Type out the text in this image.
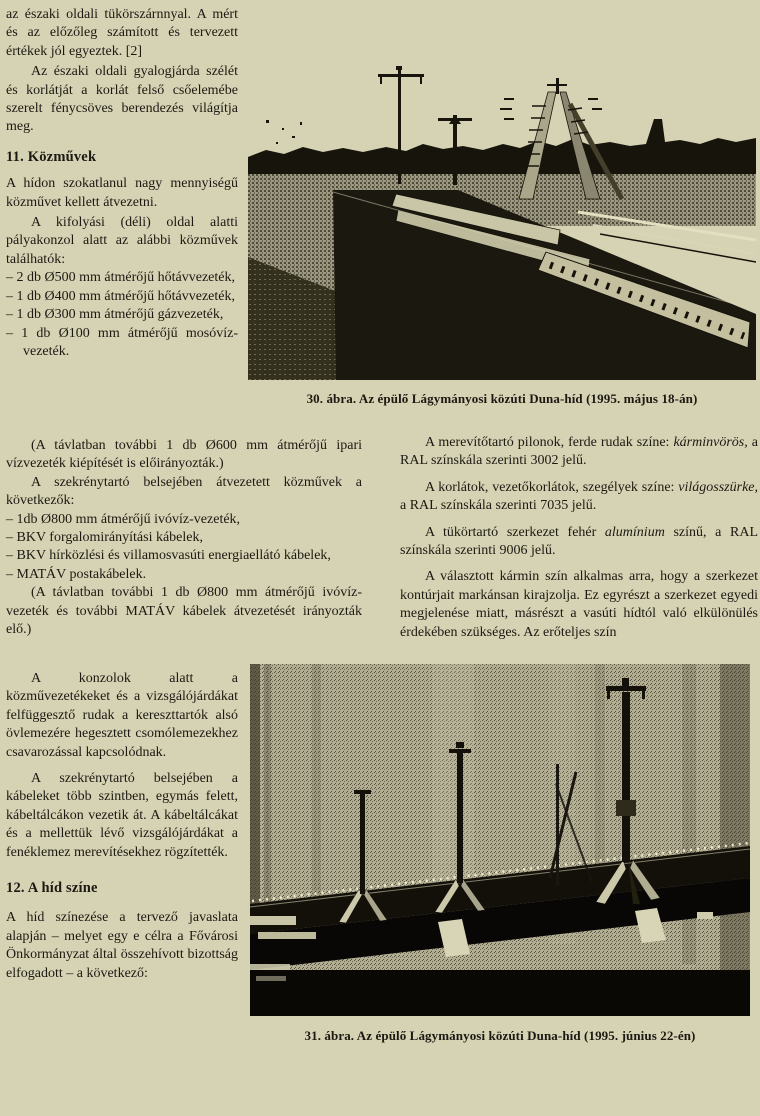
az északi oldali tükörszárnnyal. A mért és az előzőleg számított és tervezett értékek jól egyeztek. [2]

Az északi oldali gyalogjárda szélét és korlátját a korlát felső csőelemébe szerelt fénycsöves berendezés világítja meg.

11. Közművek

A hídon szokatlanul nagy mennyiségű közművet kellett átvezetni.

A kifolyási (déli) oldal alatti pályakonzol alatt az alábbi közművek találhatók:

– 2 db Ø500 mm átmérőjű hőtávvezeték,
– 1 db Ø400 mm átmérőjű hőtávvezeték,
– 1 db Ø300 mm átmérőjű gázvezeték,
– 1 db Ø100 mm átmérőjű mosóvíz-vezeték.
30. ábra. Az épülő Lágymányosi közúti Duna-híd (1995. május 18-án)

(A távlatban további 1 db Ø600 mm átmérőjű ipari vízvezeték kiépítését is előirányozták.)

A szekrénytartó belsejében átvezetett közművek a következők:

– 1db Ø800 mm átmérőjű ivóvíz-vezeték,
– BKV forgalomirányítási kábelek,
– BKV hírközlési és villamosvasúti energiaellátó kábelek,
– MATÁV postakábelek.

(A távlatban további 1 db Ø800 mm átmérőjű ivóvíz-vezeték és további MATÁV kábelek átvezetését irányozták elő.)

A merevítőtartó pilonok, ferde rudak színe: kárminvörös, a RAL színskála szerinti 3002 jelű.

A korlátok, vezetőkorlátok, szegélyek színe: világosszürke, a RAL színskála szerinti 7035 jelű.

A tükörtartó szerkezet fehér alumínium színű, a RAL színskála szerinti 9006 jelű.

A választott kármin szín alkalmas arra, hogy a szerkezet kontúrjait markánsan kirajzolja. Ez egyrészt a szerkezet egyedi megjelenése miatt, másrészt a vasúti hídtól való elkülönülés érdekében szükséges. Az erőteljes szín

A konzolok alatt a közművezetékeket és a vizsgálójárdákat felfüggesztő rudak a kereszttartók alsó övlemezére hegesztett csomólemezekhez csavarozással kapcsolódnak.

A szekrénytartó belsejében a kábeleket több szintben, egymás felett, kábeltálcákon vezetik át. A kábeltálcákat és a mellettük lévő vizsgálójárdákat a fenéklemez merevítésekhez rögzítették.

12. A híd színe

A híd színezése a tervező javaslata alapján – melyet egy e célra a Fővárosi Önkormányzat által összehívott bizottság elfogadott – a következő:

31. ábra. Az épülő Lágymányosi közúti Duna-híd (1995. június 22-én)
